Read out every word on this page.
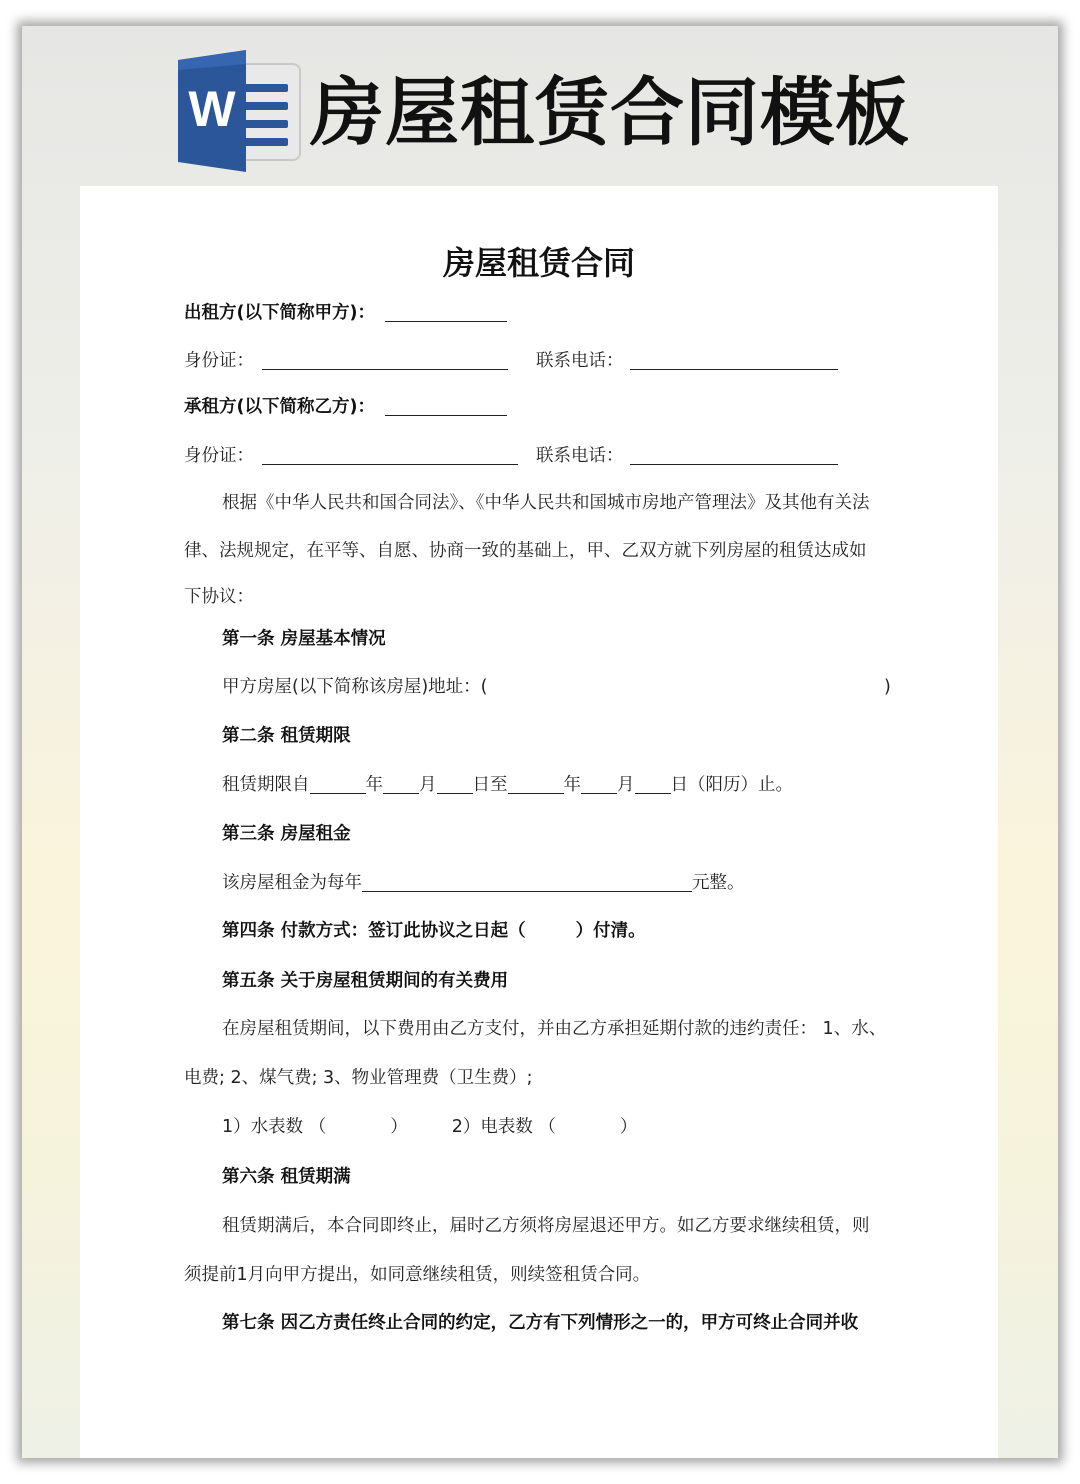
W 房屋租赁合同模板
房屋租赁合同
出租方(以下简称甲方)：
身份证：	联系电话：
承租方(以下简称乙方)：
身份证：	联系电话：
根据《中华人民共和国合同法》、《中华人民共和国城市房地产管理法》及其他有关法
律、法规规定，在平等、自愿、协商一致的基础上，甲、乙双方就下列房屋的租赁达成如
下协议：
第一条 房屋基本情况
甲方房屋(以下简称该房屋)地址：(	)
第二条 租赁期限
租赁期限自	年 月 日至	年 月 日（阳历）止。
第三条 房屋租金
该房屋租金为每年	元整。
第四条 付款方式：签订此协议之日起（	）付清。
第五条 关于房屋租赁期间的有关费用
在房屋租赁期间，以下费用由乙方支付，并由乙方承担延期付款的违约责任： 1、水、
电费; 2、煤气费; 3、物业管理费（卫生费）;
1）水表数 （	）	2）电表数 （	）
第六条 租赁期满
租赁期满后，本合同即终止，届时乙方须将房屋退还甲方。如乙方要求继续租赁，则
须提前1月向甲方提出，如同意继续租赁，则续签租赁合同。
第七条 因乙方责任终止合同的约定，乙方有下列情形之一的，甲方可终止合同并收
